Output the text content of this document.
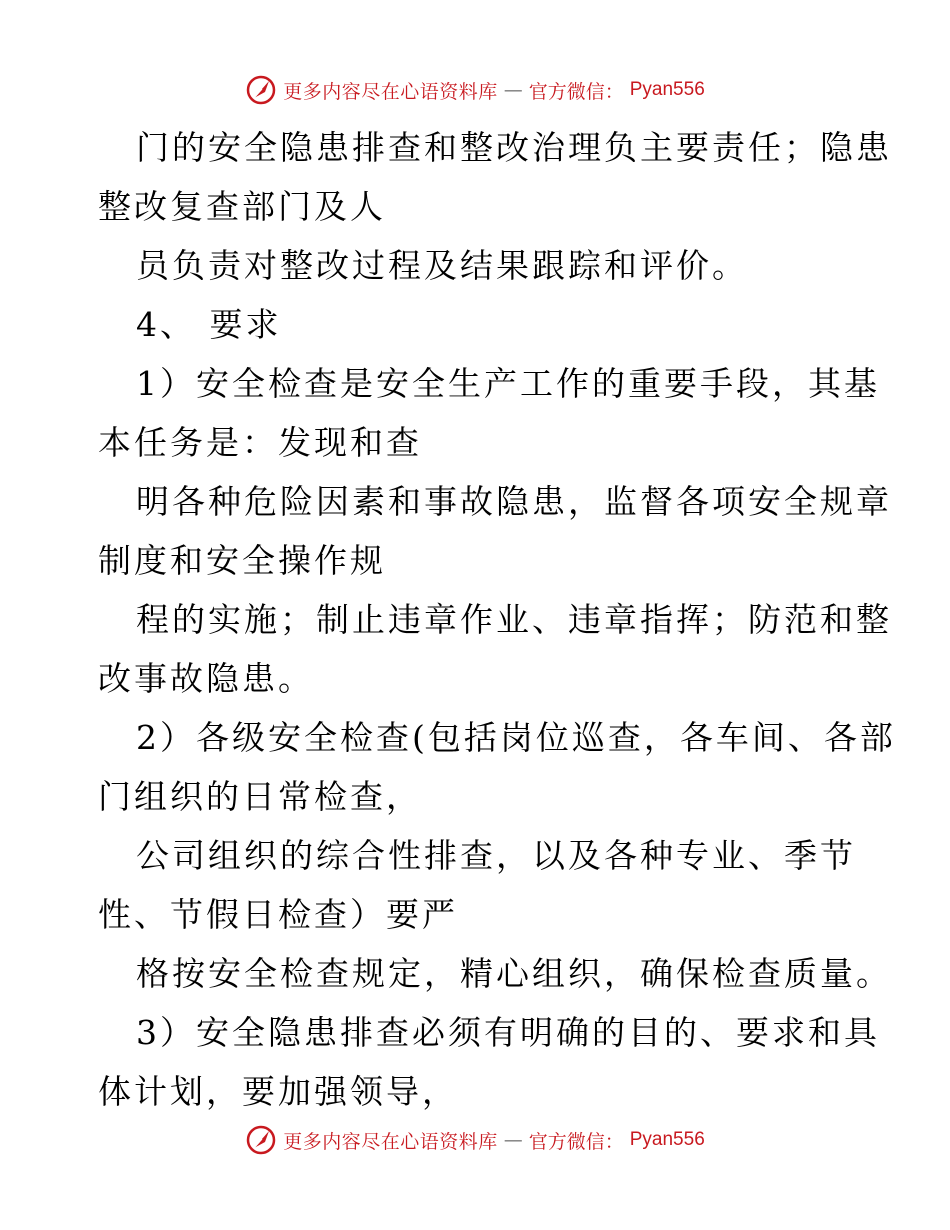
更多内容尽在心语资料库 — 官方微信： Pyan556
门的安全隐患排查和整改治理负主要责任；隐患
整改复查部门及人
员负责对整改过程及结果跟踪和评价。
4、 要求
1）安全检查是安全生产工作的重要手段，其基
本任务是：发现和查
明各种危险因素和事故隐患，监督各项安全规章
制度和安全操作规
程的实施；制止违章作业、违章指挥；防范和整
改事故隐患。
2）各级安全检查(包括岗位巡查，各车间、各部
门组织的日常检查，
公司组织的综合性排查，以及各种专业、季节
性、节假日检查）要严
格按安全检查规定，精心组织，确保检查质量。
3）安全隐患排查必须有明确的目的、要求和具
体计划，要加强领导，
更多内容尽在心语资料库 — 官方微信： Pyan556
